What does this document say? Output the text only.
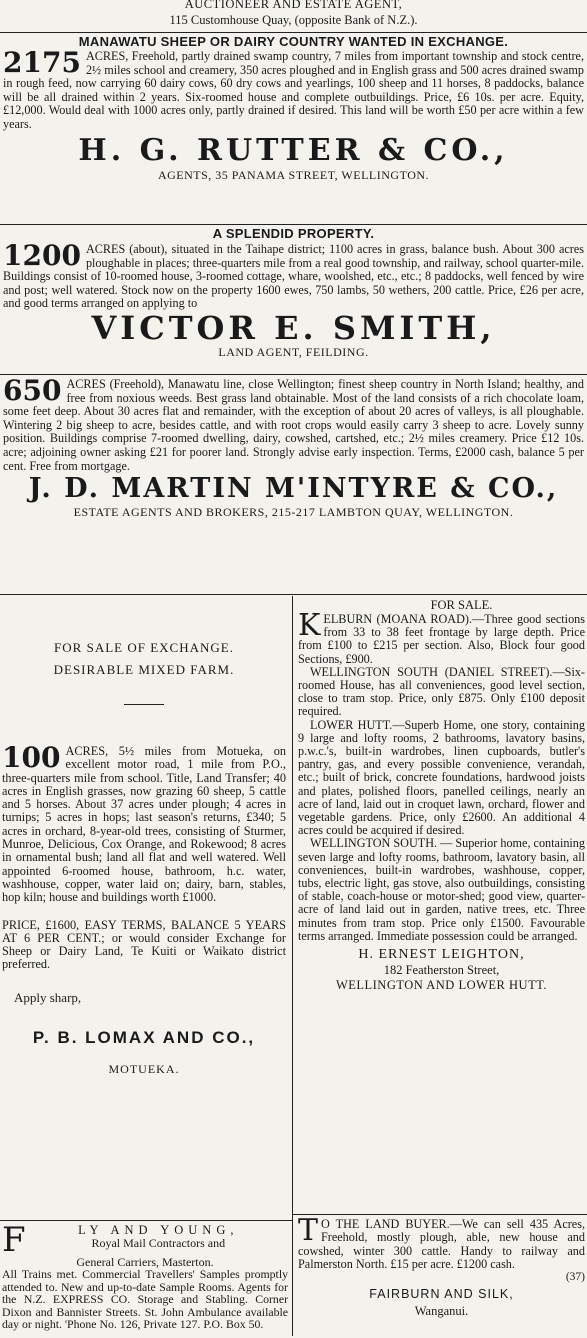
AUCTIONEER AND ESTATE AGENT,
115 Customhouse Quay, (opposite Bank of N.Z.).
MANAWATU SHEEP OR DAIRY COUNTRY WANTED IN EXCHANGE.
2175 ACRES, Freehold, partly drained swamp country, 7 miles from important township and stock centre, 2½ miles school and creamery, 350 acres ploughed and in English grass and 500 acres drained swamp in rough feed, now carrying 60 dairy cows, 60 dry cows and yearlings, 100 sheep and 11 horses, 8 paddocks, balance will be all drained within 2 years. Six-roomed house and complete outbuildings. Price, £6 10s. per acre. Equity, £12,000. Would deal with 1000 acres only, partly drained if desired. This land will be worth £50 per acre within a few years.

H. G. RUTTER & CO.,
AGENTS, 35 PANAMA STREET, WELLINGTON.
A SPLENDID PROPERTY.
1200 ACRES (about), situated in the Taihape district; 1100 acres in grass, balance bush. About 300 acres ploughable in places; three-quarters mile from a real good township, and railway, school quarter-mile. Buildings consist of 10-roomed house, 3-roomed cottage, whare, woolshed, etc., etc.; 8 paddocks, well fenced by wire and post; well watered. Stock now on the property 1600 ewes, 750 lambs, 50 wethers, 200 cattle. Price, £26 per acre, and good terms arranged on applying to

VICTOR E. SMITH,
LAND AGENT, FEILDING.
650 ACRES (Freehold), Manawatu line, close Wellington; finest sheep country in North Island; healthy, and free from noxious weeds. Best grass land obtainable. Most of the land consists of a rich chocolate loam, some feet deep. About 30 acres flat and remainder, with the exception of about 20 acres of valleys, is all ploughable. Wintering 2 big sheep to acre, besides cattle, and with root crops would easily carry 3 sheep to acre. Lovely sunny position. Buildings comprise 7-roomed dwelling, dairy, cowshed, cartshed, etc.; 2½ miles creamery. Price £12 10s. acre; adjoining owner asking £21 for poorer land. Strongly advise early inspection. Terms, £2000 cash, balance 5 per cent. Free from mortgage.

J. D. MARTIN M'INTYRE & CO.,
ESTATE AGENTS AND BROKERS, 215-217 LAMBTON QUAY, WELLINGTON.
FOR SALE OF EXCHANGE.
DESIRABLE MIXED FARM.
100 ACRES, 5½ miles from Motueka, on excellent motor road, 1 mile from P.O., three-quarters mile from school. Title, Land Transfer; 40 acres in English grasses, now grazing 60 sheep, 5 cattle and 5 horses. About 37 acres under plough; 4 acres in turnips; 5 acres in hops; last season's returns, £340; 5 acres in orchard, 8-year-old trees, consisting of Sturmer, Munroe, Delicious, Cox Orange, and Rokewood; 8 acres in ornamental bush; land all flat and well watered. Well appointed 6-roomed house, bathroom, h.c. water, washhouse, copper, water laid on; dairy, barn, stables, hop kiln; house and buildings worth £1000.

PRICE, £1600, EASY TERMS, BALANCE 5 YEARS AT 6 PER CENT.; or would consider Exchange for Sheep or Dairy Land, Te Kuiti or Waikato district preferred.

Apply sharp,
P. B. LOMAX AND CO.,
MOTUEKA.
FOR SALE.
K ELBURN (MOANA ROAD).—Three good sections from 33 to 38 feet frontage by large depth. Price from £100 to £215 per section. Also, Block four good Sections, £900.

WELLINGTON SOUTH (DANIEL STREET).—Six-roomed House, has all conveniences, good level section, close to tram stop. Price, only £875. Only £100 deposit required.

LOWER HUTT.—Superb Home, one story, containing 9 large and lofty rooms, 2 bathrooms, lavatory basins, p.w.c.'s, built-in wardrobes, linen cupboards, butler's pantry, gas, and every possible convenience, verandah, etc.; built of brick, concrete foundations, hardwood joists and plates, polished floors, panelled ceilings, nearly an acre of land, laid out in croquet lawn, orchard, flower and vegetable gardens. Price, only £2600. An additional 4 acres could be acquired if desired.

WELLINGTON SOUTH. — Superior home, containing seven large and lofty rooms, bathroom, lavatory basin, all conveniences, built-in wardrobes, washhouse, copper, tubs, electric light, gas stove, also outbuildings, consisting of stable, coach-house or motor-shed; good view, quarter-acre of land laid out in garden, native trees, etc. Three minutes from tram stop. Price only £1500. Favourable terms arranged. Immediate possession could be arranged.

H. ERNEST LEIGHTON,
182 Featherston Street,
WELLINGTON AND LOWER HUTT.
F	LY AND YOUNG,
Royal Mail Contractors and
General Carriers, Masterton.

All Trains met. Commercial Travellers' Samples promptly attended to. New and up-to-date Sample Rooms. Agents for the N.Z. EXPRESS CO. Storage and Stabling. Corner Dixon and Bannister Streets. St. John Ambulance available day or night. 'Phone No. 126, Private 127. P.O. Box 50.

T O THE LAND BUYER.—We can sell 435 Acres, Freehold, mostly plough, able, new house and cowshed, winter 300 cattle. Handy to railway and Palmerston North. £15 per acre. £1200 cash.

(37)
FAIRBURN AND SILK,
Wanganui.
